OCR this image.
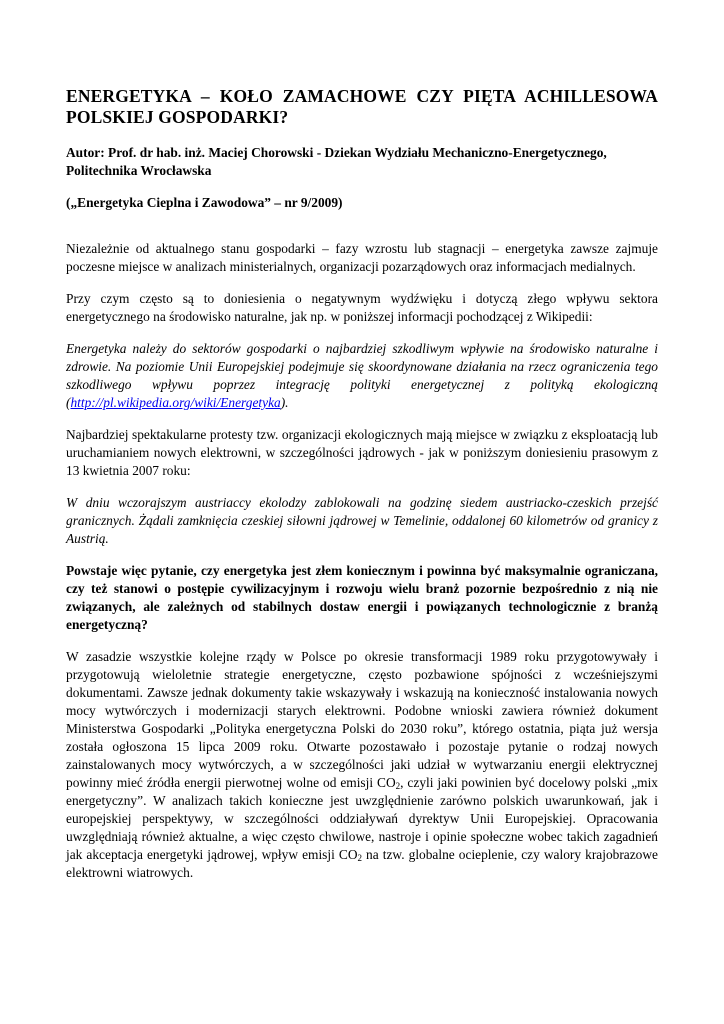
ENERGETYKA – KOŁO ZAMACHOWE CZY PIĘTA ACHILLESOWA POLSKIEJ GOSPODARKI?
Autor: Prof. dr hab. inż. Maciej Chorowski - Dziekan Wydziału Mechaniczno-Energetycznego, Politechnika Wrocławska
(„Energetyka Cieplna i Zawodowa” – nr 9/2009)

Niezależnie od aktualnego stanu gospodarki – fazy wzrostu lub stagnacji – energetyka zawsze zajmuje poczesne miejsce w analizach ministerialnych, organizacji pozarządowych oraz informacjach medialnych.

Przy czym często są to doniesienia o negatywnym wydźwięku i dotyczą złego wpływu sektora energetycznego na środowisko naturalne, jak np. w poniższej informacji pochodzącej z Wikipedii:

Energetyka należy do sektorów gospodarki o najbardziej szkodliwym wpływie na środowisko naturalne i zdrowie. Na poziomie Unii Europejskiej podejmuje się skoordynowane działania na rzecz ograniczenia tego szkodliwego wpływu poprzez integrację polityki energetycznej z polityką ekologiczną (http://pl.wikipedia.org/wiki/Energetyka).

Najbardziej spektakularne protesty tzw. organizacji ekologicznych mają miejsce w związku z eksploatacją lub uruchamianiem nowych elektrowni, w szczególności jądrowych - jak w poniższym doniesieniu prasowym z 13 kwietnia 2007 roku:

W dniu wczorajszym austriaccy ekolodzy zablokowali na godzinę siedem austriacko-czeskich przejść granicznych. Żądali zamknięcia czeskiej siłowni jądrowej w Temelinie, oddalonej 60 kilometrów od granicy z Austrią.

Powstaje więc pytanie, czy energetyka jest złem koniecznym i powinna być maksymalnie ograniczana, czy też stanowi o postępie cywilizacyjnym i rozwoju wielu branż pozornie bezpośrednio z nią nie związanych, ale zależnych od stabilnych dostaw energii i powiązanych technologicznie z branżą energetyczną?

W zasadzie wszystkie kolejne rządy w Polsce po okresie transformacji 1989 roku przygotowywały i przygotowują wieloletnie strategie energetyczne, często pozbawione spójności z wcześniejszymi dokumentami. Zawsze jednak dokumenty takie wskazywały i wskazują na konieczność instalowania nowych mocy wytwórczych i modernizacji starych elektrowni. Podobne wnioski zawiera również dokument Ministerstwa Gospodarki „Polityka energetyczna Polski do 2030 roku”, którego ostatnia, piąta już wersja została ogłoszona 15 lipca 2009 roku. Otwarte pozostawało i pozostaje pytanie o rodzaj nowych zainstalowanych mocy wytwórczych, a w szczególności jaki udział w wytwarzaniu energii elektrycznej powinny mieć źródła energii pierwotnej wolne od emisji $CO_2$, czyli jaki powinien być docelowy polski „mix energetyczny”. W analizach takich konieczne jest uwzględnienie zarówno polskich uwarunkowań, jak i europejskiej perspektywy, w szczególności oddziaływań dyrektyw Unii Europejskiej. Opracowania uwzględniają również aktualne, a więc często chwilowe, nastroje i opinie społeczne wobec takich zagadnień jak akceptacja energetyki jądrowej, wpływ emisji $CO_2$ na tzw. globalne ocieplenie, czy walory krajobrazowe elektrowni wiatrowych.
